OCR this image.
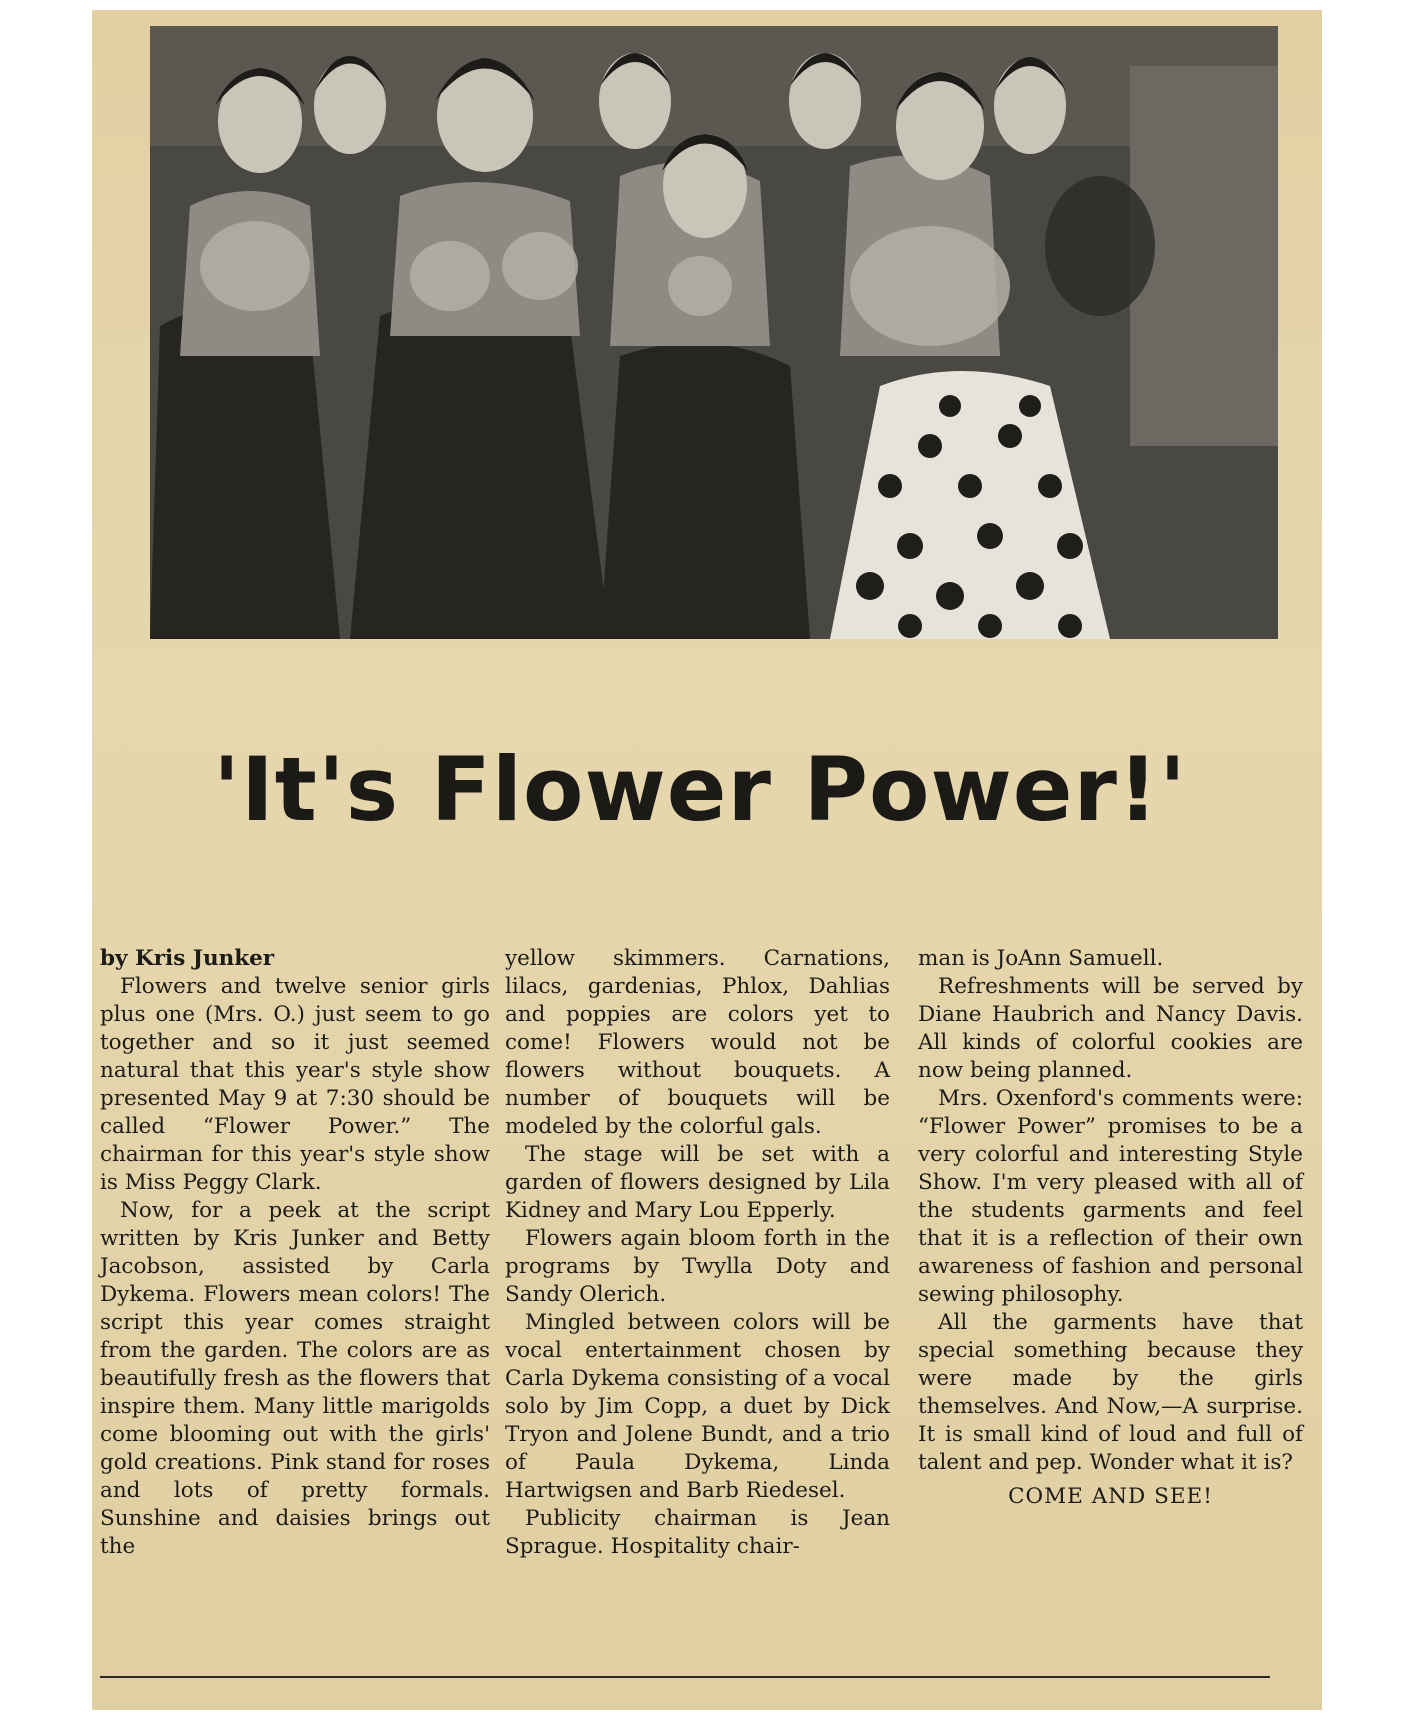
'It's Flower Power!'

by Kris Junker

Flowers and twelve senior girls plus one (Mrs. O.) just seem to go together and so it just seemed natural that this year's style show presented May 9 at 7:30 should be called “Flower Power.” The chairman for this year's style show is Miss Peggy Clark.

Now, for a peek at the script written by Kris Junker and Betty Jacobson, assisted by Carla Dykema. Flowers mean colors! The script this year comes straight from the garden. The colors are as beautifully fresh as the flowers that inspire them. Many little marigolds come blooming out with the girls' gold creations. Pink stand for roses and lots of pretty formals. Sunshine and daisies brings out the

yellow skimmers. Carnations, lilacs, gardenias, Phlox, Dahlias and poppies are colors yet to come! Flowers would not be flowers without bouquets. A number of bouquets will be modeled by the colorful gals.

The stage will be set with a garden of flowers designed by Lila Kidney and Mary Lou Epperly.

Flowers again bloom forth in the programs by Twylla Doty and Sandy Olerich.

Mingled between colors will be vocal entertainment chosen by Carla Dykema consisting of a vocal solo by Jim Copp, a duet by Dick Tryon and Jolene Bundt, and a trio of Paula Dykema, Linda Hartwigsen and Barb Riedesel.

Publicity chairman is Jean Sprague. Hospitality chair-

man is JoAnn Samuell.

Refreshments will be served by Diane Haubrich and Nancy Davis. All kinds of colorful cookies are now being planned.

Mrs. Oxenford's comments were: “Flower Power” promises to be a very colorful and interesting Style Show. I'm very pleased with all of the students garments and feel that it is a reflection of their own awareness of fashion and personal sewing philosophy.

All the garments have that special something because they were made by the girls themselves. And Now,—A surprise. It is small kind of loud and full of talent and pep. Wonder what it is?

COME AND SEE!
